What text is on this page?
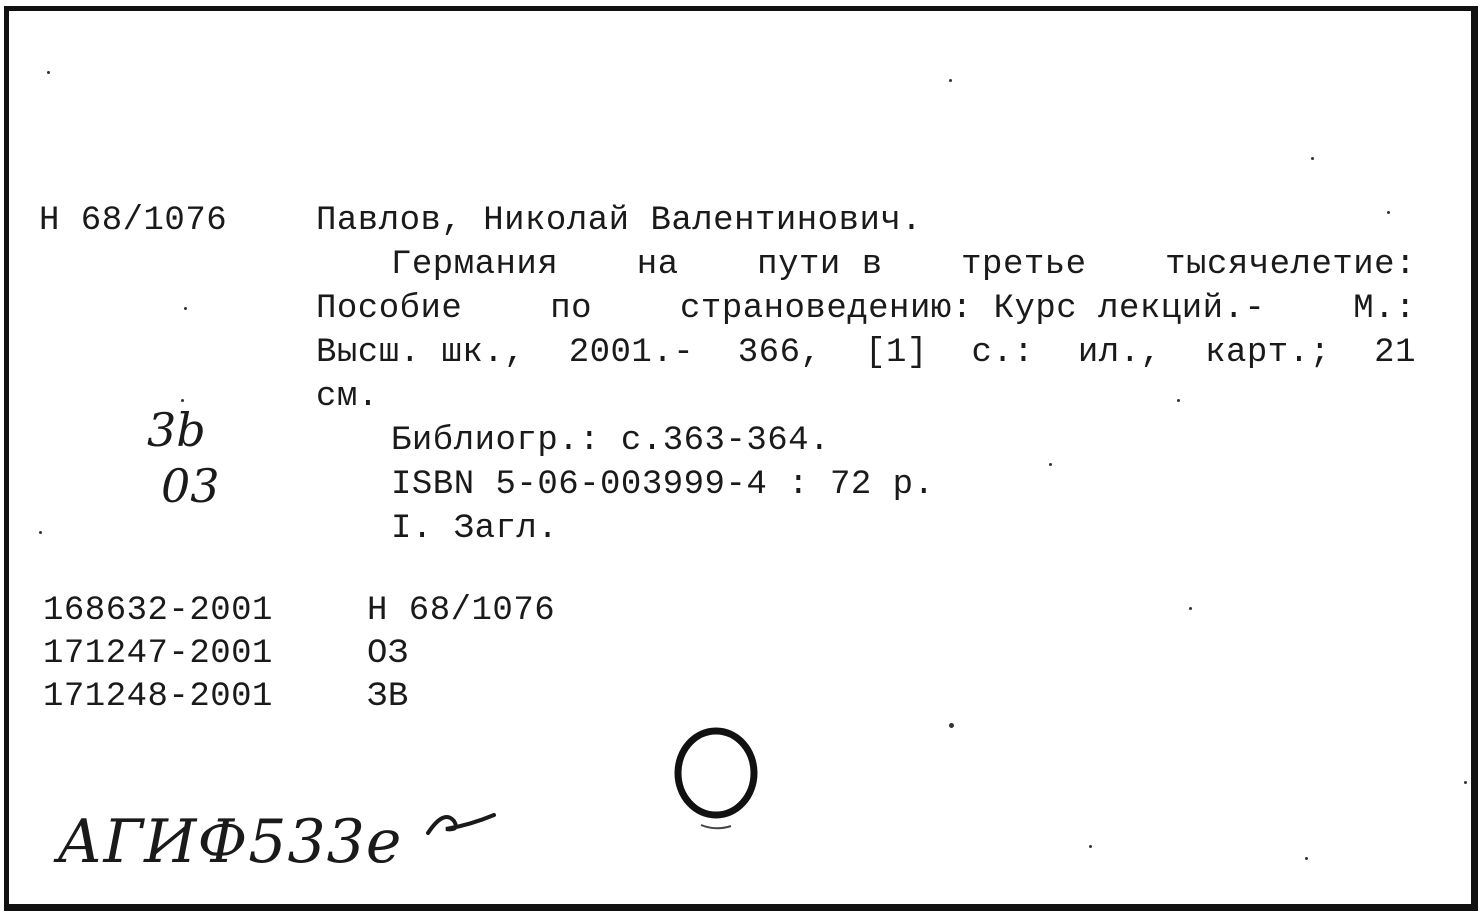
Н 68/1076	Павлов, Николай Валентинович.
Германия на пути в третье тысячелетие:
Пособие	по	страноведению: Курс лекций.-	М.:
Высш. шк., 2001.- 366, [1] с.: ил., карт.; 21
см.
Библиогр.: с.363-364.
ISBN 5-06-003999-4 : 72 р.
I. Загл.
3b
03
168632-2001	Н 68/1076
171247-2001	ОЗ
171248-2001	ЗВ
АГИФ533е
